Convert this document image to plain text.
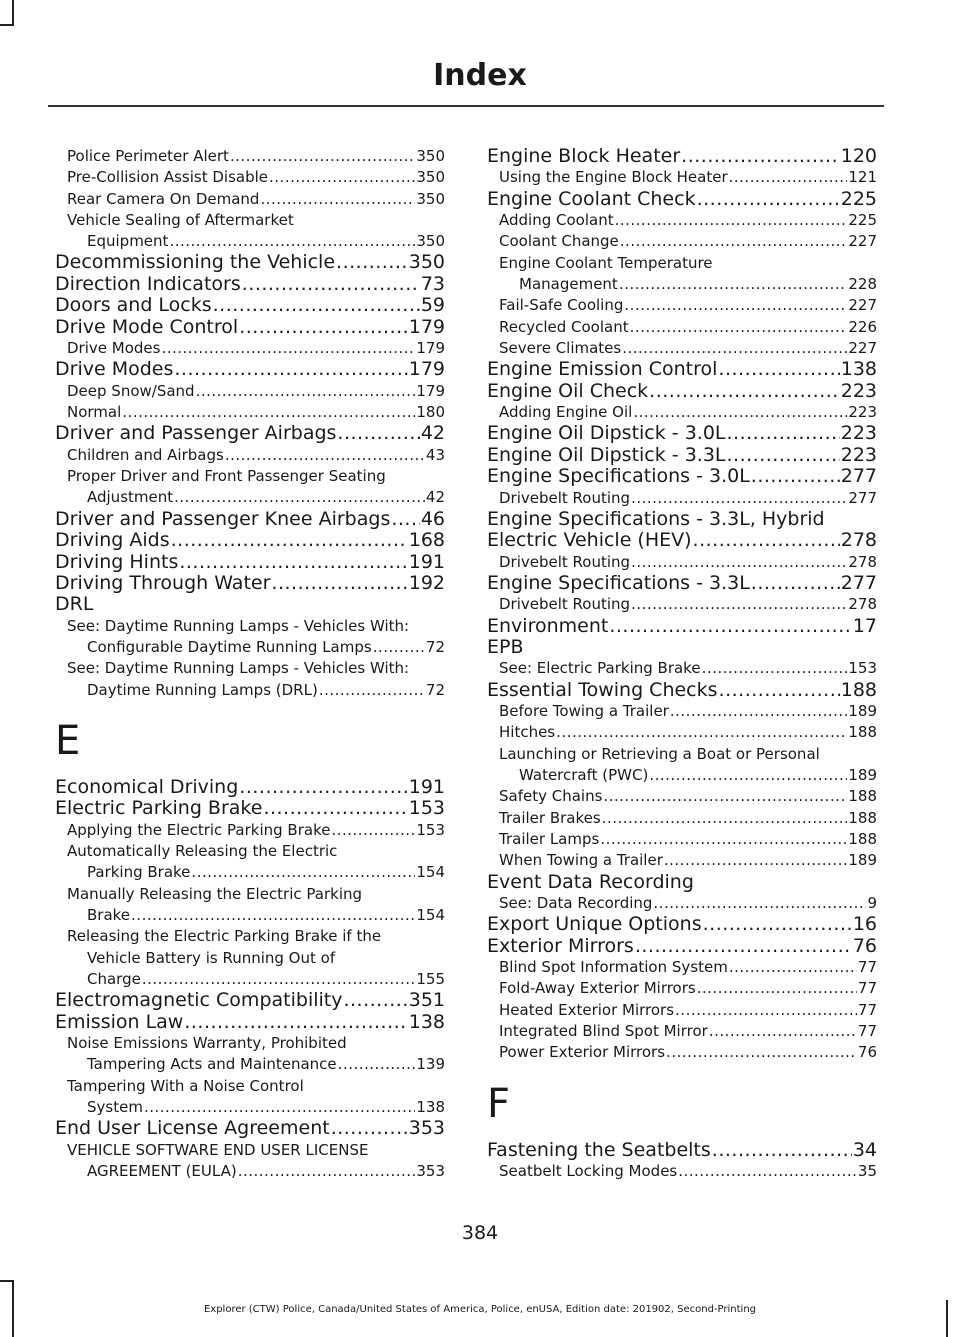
Index
Police Perimeter Alert .....	350
Pre-Collision Assist Disable .....	350
Rear Camera On Demand .....	350
Vehicle Sealing of Aftermarket
Equipment .....	350
Decommissioning the Vehicle .....	350
Direction Indicators .....	73
Doors and Locks .....	59
Drive Mode Control .....	179
Drive Modes .....	179
Drive Modes .....	179
Deep Snow/Sand .....	179
Normal .....	180
Driver and Passenger Airbags .....	42
Children and Airbags .....	43
Proper Driver and Front Passenger Seating
Adjustment .....	42
Driver and Passenger Knee Airbags ..... 46
Driving Aids .....	168
Driving Hints .....	191
Driving Through Water .....	192
DRL
See: Daytime Running Lamps - Vehicles With:
Configurable Daytime Running Lamps .....	72
See: Daytime Running Lamps - Vehicles With:
Daytime Running Lamps (DRL) .....	72
E
Economical Driving .....	191
Electric Parking Brake .....	153
Applying the Electric Parking Brake .....	153
Automatically Releasing the Electric
Parking Brake .....	154
Manually Releasing the Electric Parking
Brake .....	154
Releasing the Electric Parking Brake if the
Vehicle Battery is Running Out of
Charge .....	155
Electromagnetic Compatibility .....	351
Emission Law .....	138
Noise Emissions Warranty, Prohibited
Tampering Acts and Maintenance .....	139
Tampering With a Noise Control
System .....	138
End User License Agreement .....	353
VEHICLE SOFTWARE END USER LICENSE
AGREEMENT (EULA) .....	353
Engine Block Heater .....	120
Using the Engine Block Heater .....	121
Engine Coolant Check .....	225
Adding Coolant .....	225
Coolant Change .....	227
Engine Coolant Temperature
Management .....	228
Fail-Safe Cooling .....	227
Recycled Coolant .....	226
Severe Climates .....	227
Engine Emission Control .....	138
Engine Oil Check .....	223
Adding Engine Oil .....	223
Engine Oil Dipstick - 3.0L .....	223
Engine Oil Dipstick - 3.3L .....	223
Engine Specifications - 3.0L .....	277
Drivebelt Routing .....	277
Engine Specifications - 3.3L, Hybrid
Electric Vehicle (HEV) .....	278
Drivebelt Routing .....	278
Engine Specifications - 3.3L .....	277
Drivebelt Routing .....	278
Environment .....	17
EPB
See: Electric Parking Brake .....	153
Essential Towing Checks .....	188
Before Towing a Trailer .....	189
Hitches .....	188
Launching or Retrieving a Boat or Personal
Watercraft (PWC) .....	189
Safety Chains .....	188
Trailer Brakes .....	188
Trailer Lamps .....	188
When Towing a Trailer .....	189
Event Data Recording
See: Data Recording .....	9
Export Unique Options .....	16
Exterior Mirrors .....	76
Blind Spot Information System .....	77
Fold-Away Exterior Mirrors .....	77
Heated Exterior Mirrors .....	77
Integrated Blind Spot Mirror .....	77
Power Exterior Mirrors .....	76
F
Fastening the Seatbelts .....	34
Seatbelt Locking Modes .....	35
384
Explorer (CTW) Police, Canada/United States of America, Police, enUSA, Edition date: 201902, Second-Printing
